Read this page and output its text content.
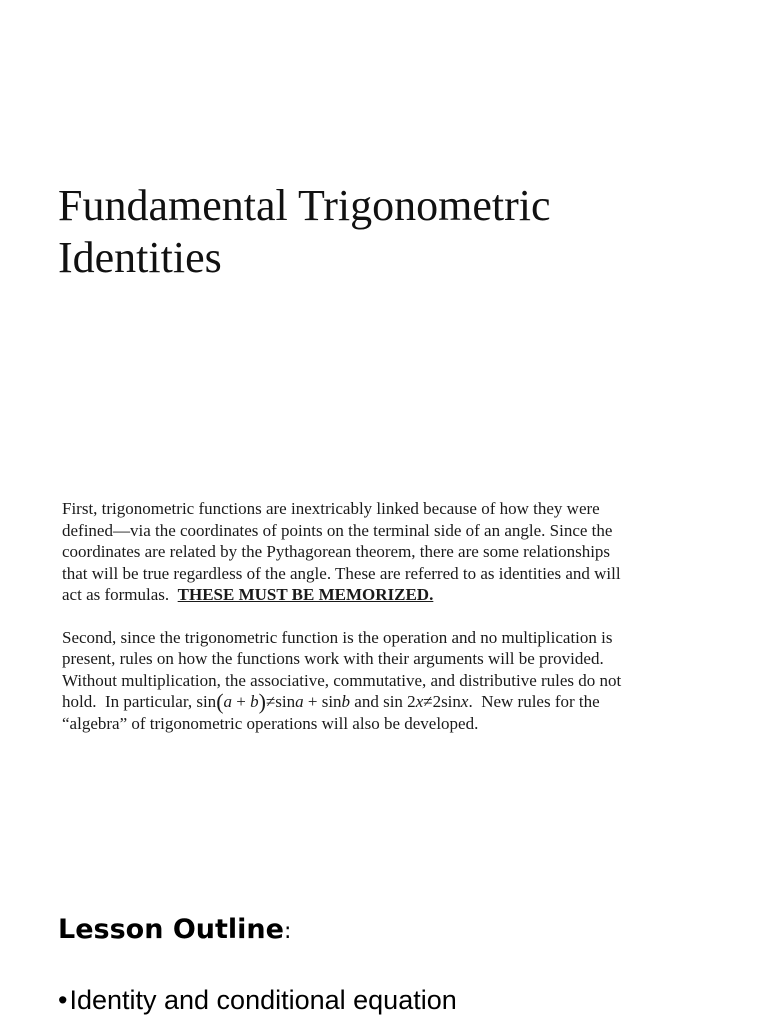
Fundamental Trigonometric
Identities

First, trigonometric functions are inextricably linked because of how they were

defined—via the coordinates of points on the terminal side of an angle. Since the

coordinates are related by the Pythagorean theorem, there are some relationships

that will be true regardless of the angle. These are referred to as identities and will

act as formulas.  THESE MUST BE MEMORIZED.

Second, since the trigonometric function is the operation and no multiplication is

present, rules on how the functions work with their arguments will be provided.

Without multiplication, the associative, commutative, and distributive rules do not

hold.  In particular, sin(a + b)≠sina + sinb and sin 2x≠2sinx.  New rules for the

“algebra” of trigonometric operations will also be developed.

Lesson Outline:
•Identity and conditional equation
